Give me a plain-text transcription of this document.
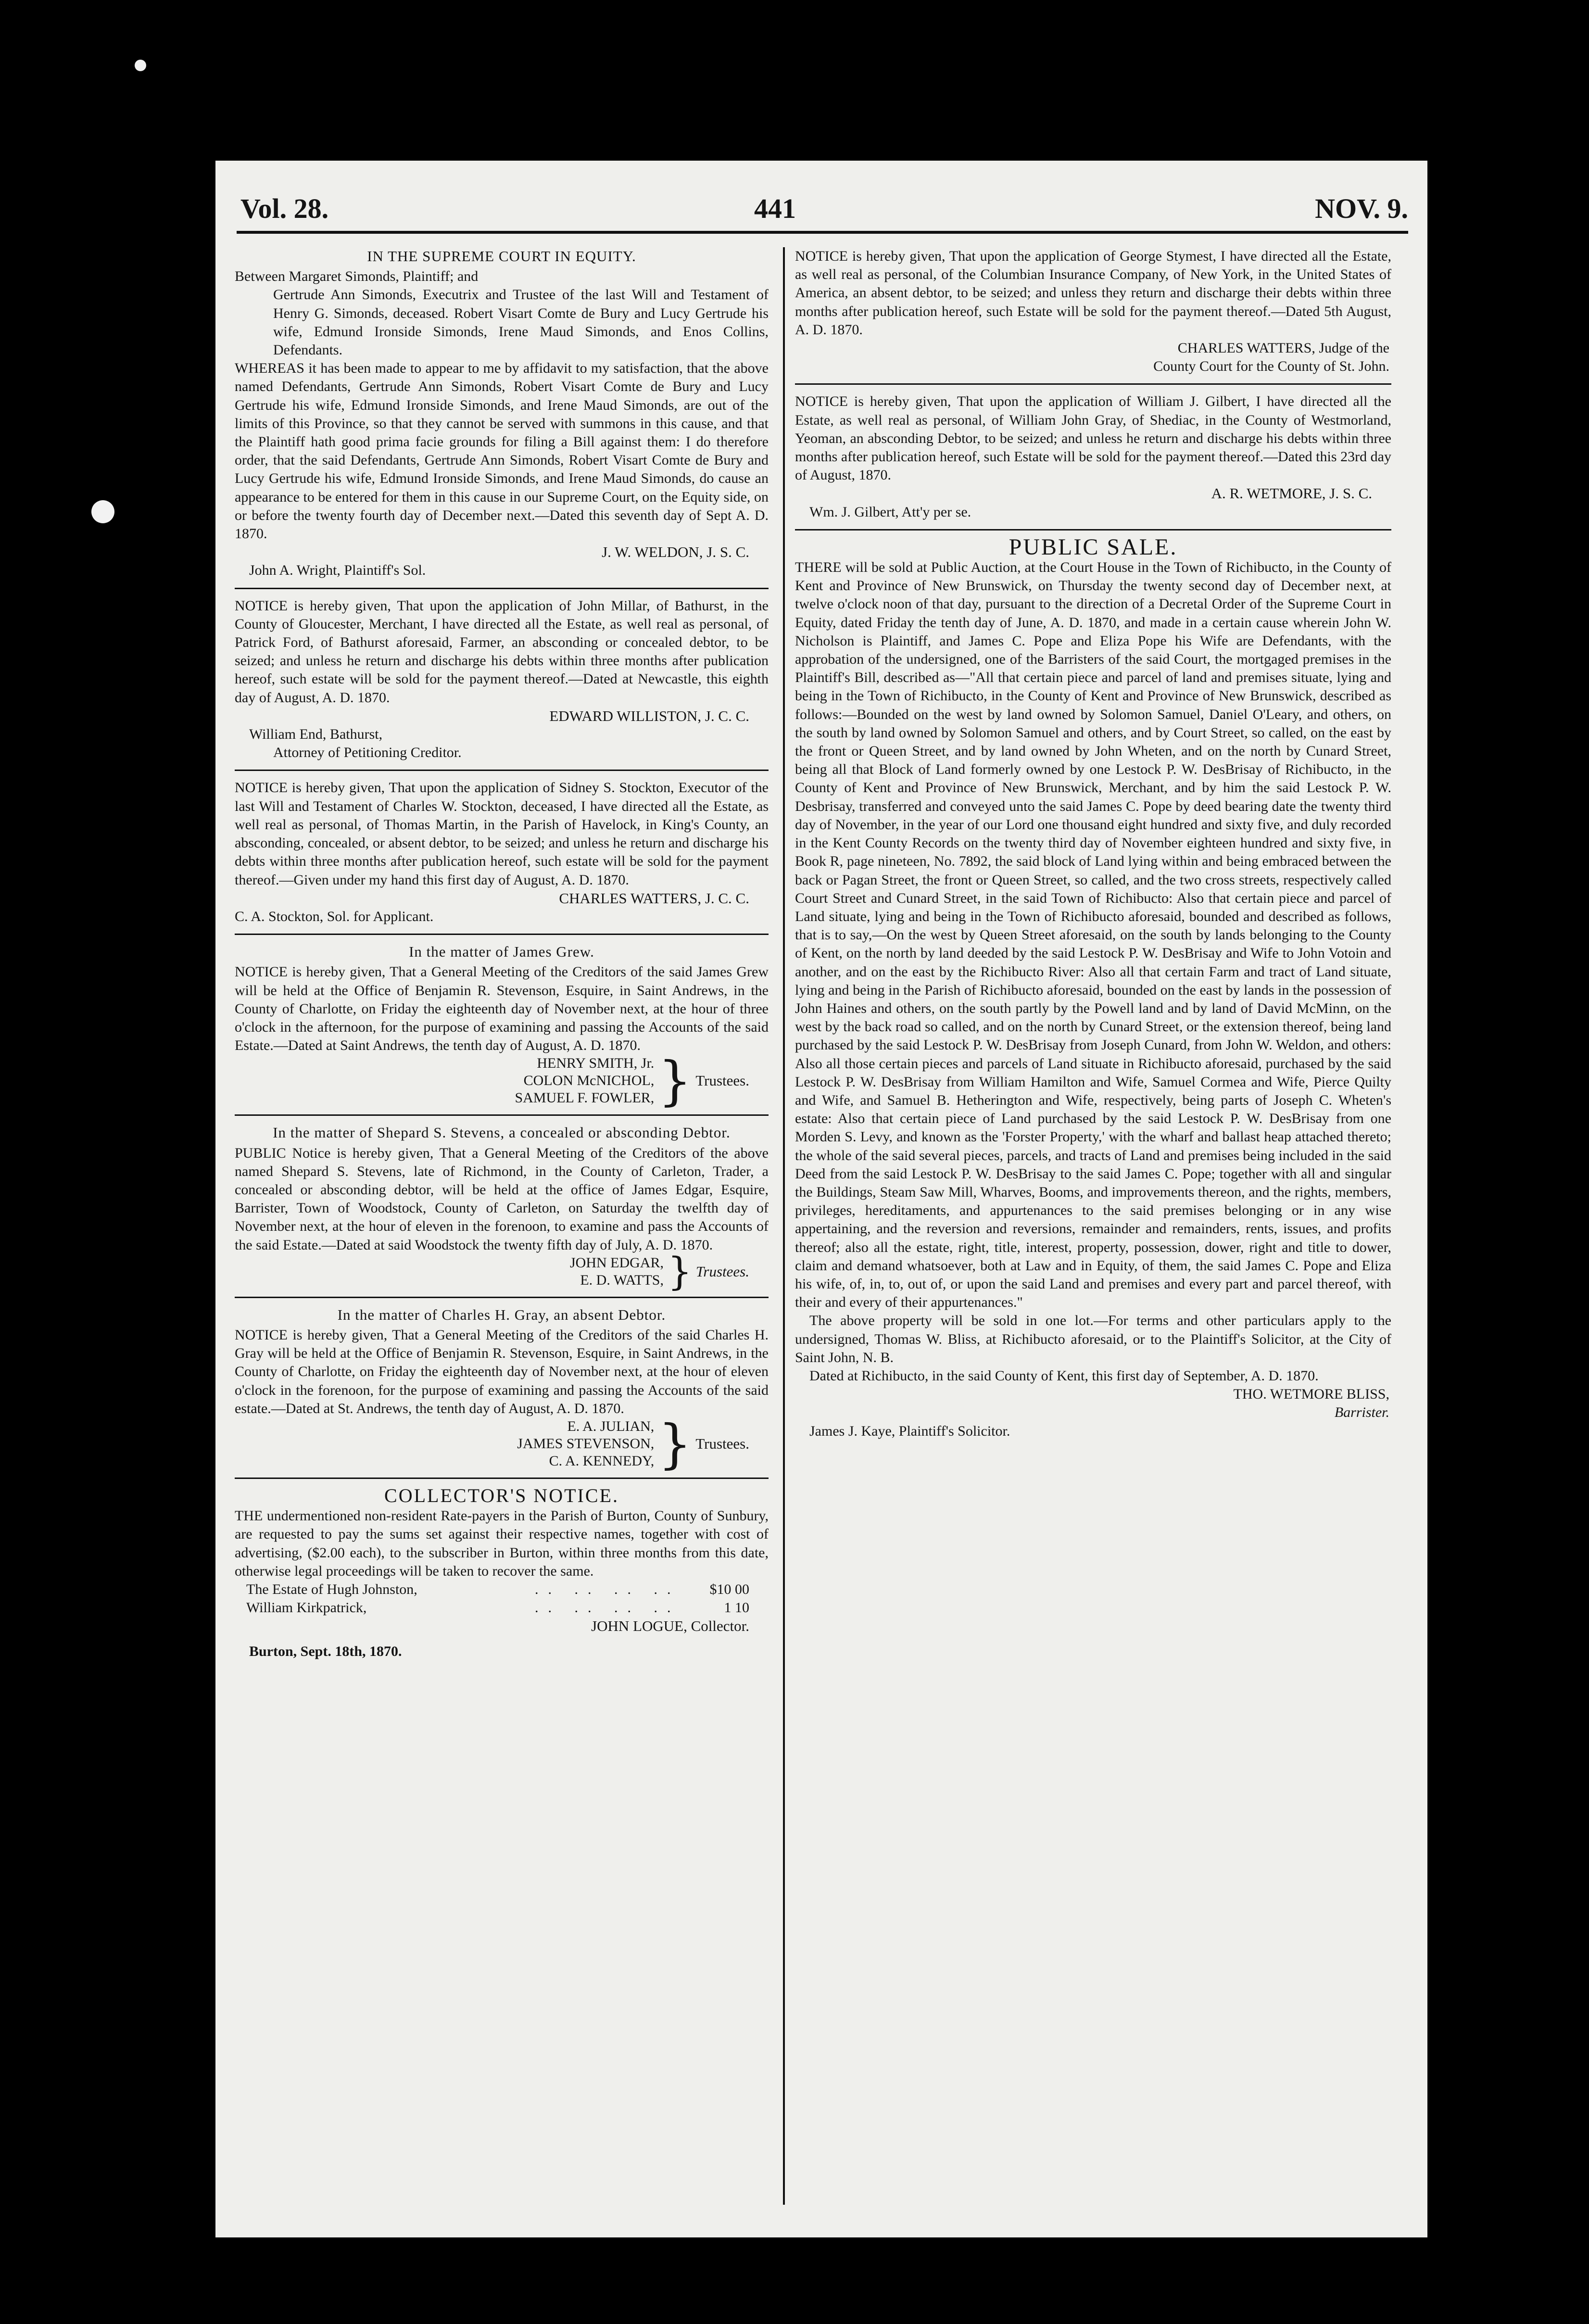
Vol. 28.	441	NOV. 9.
IN THE SUPREME COURT IN EQUITY.

Between Margaret Simonds, Plaintiff; and

Gertrude Ann Simonds, Executrix and Trustee of the last Will and Testament of Henry G. Simonds, deceased. Robert Visart Comte de Bury and Lucy Gertrude his wife, Edmund Ironside Simonds, Irene Maud Simonds, and Enos Collins, Defendants.

WHEREAS it has been made to appear to me by affidavit to my satisfaction, that the above named Defendants, Gertrude Ann Simonds, Robert Visart Comte de Bury and Lucy Gertrude his wife, Edmund Ironside Simonds, and Irene Maud Simonds, are out of the limits of this Province, so that they cannot be served with summons in this cause, and that the Plaintiff hath good prima facie grounds for filing a Bill against them: I do therefore order, that the said Defendants, Gertrude Ann Simonds, Robert Visart Comte de Bury and Lucy Gertrude his wife, Edmund Ironside Simonds, and Irene Maud Simonds, do cause an appearance to be entered for them in this cause in our Supreme Court, on the Equity side, on or before the twenty fourth day of December next.—Dated this seventh day of Sept A. D. 1870.

J. W. WELDON, J. S. C.

John A. Wright, Plaintiff's Sol.

NOTICE is hereby given, That upon the application of John Millar, of Bathurst, in the County of Gloucester, Merchant, I have directed all the Estate, as well real as personal, of Patrick Ford, of Bathurst aforesaid, Farmer, an absconding or concealed debtor, to be seized; and unless he return and discharge his debts within three months after publication hereof, such estate will be sold for the payment thereof.—Dated at Newcastle, this eighth day of August, A. D. 1870.

EDWARD WILLISTON, J. C. C.

William End, Bathurst,

Attorney of Petitioning Creditor.

NOTICE is hereby given, That upon the application of Sidney S. Stockton, Executor of the last Will and Testament of Charles W. Stockton, deceased, I have directed all the Estate, as well real as personal, of Thomas Martin, in the Parish of Havelock, in King's County, an absconding, concealed, or absent debtor, to be seized; and unless he return and discharge his debts within three months after publication hereof, such estate will be sold for the payment thereof.—Given under my hand this first day of August, A. D. 1870.

CHARLES WATTERS, J. C. C.

C. A. Stockton, Sol. for Applicant.

In the matter of James Grew.

NOTICE is hereby given, That a General Meeting of the Creditors of the said James Grew will be held at the Office of Benjamin R. Stevenson, Esquire, in Saint Andrews, in the County of Charlotte, on Friday the eighteenth day of November next, at the hour of three o'clock in the afternoon, for the purpose of examining and passing the Accounts of the said Estate.—Dated at Saint Andrews, the tenth day of August, A. D. 1870.

HENRY SMITH, Jr.
COLON McNICHOL,
SAMUEL F. FOWLER, } Trustees.
In the matter of Shepard S. Stevens, a concealed or absconding Debtor.

PUBLIC Notice is hereby given, That a General Meeting of the Creditors of the above named Shepard S. Stevens, late of Richmond, in the County of Carleton, Trader, a concealed or absconding debtor, will be held at the office of James Edgar, Esquire, Barrister, Town of Woodstock, County of Carleton, on Saturday the twelfth day of November next, at the hour of eleven in the forenoon, to examine and pass the Accounts of the said Estate.—Dated at said Woodstock the twenty fifth day of July, A. D. 1870.

JOHN EDGAR,
E. D. WATTS, } Trustees.
In the matter of Charles H. Gray, an absent Debtor.

NOTICE is hereby given, That a General Meeting of the Creditors of the said Charles H. Gray will be held at the Office of Benjamin R. Stevenson, Esquire, in Saint Andrews, in the County of Charlotte, on Friday the eighteenth day of November next, at the hour of eleven o'clock in the forenoon, for the purpose of examining and passing the Accounts of the said estate.—Dated at St. Andrews, the tenth day of August, A. D. 1870.

E. A. JULIAN,
JAMES STEVENSON,
C. A. KENNEDY, } Trustees.
COLLECTOR'S NOTICE.

THE undermentioned non-resident Rate-payers in the Parish of Burton, County of Sunbury, are requested to pay the sums set against their respective names, together with cost of advertising, ($2.00 each), to the subscriber in Burton, within three months from this date, otherwise legal proceedings will be taken to recover the same.

The Estate of Hugh Johnston,	.. .. .. ..	$10 00
William Kirkpatrick,	.. .. .. ..	1 10

JOHN LOGUE, Collector.

Burton, Sept. 18th, 1870.

NOTICE is hereby given, That upon the application of George Stymest, I have directed all the Estate, as well real as personal, of the Columbian Insurance Company, of New York, in the United States of America, an absent debtor, to be seized; and unless they return and discharge their debts within three months after publication hereof, such Estate will be sold for the payment thereof.—Dated 5th August, A. D. 1870.

CHARLES WATTERS, Judge of the

County Court for the County of St. John.

NOTICE is hereby given, That upon the application of William J. Gilbert, I have directed all the Estate, as well real as personal, of William John Gray, of Shediac, in the County of Westmorland, Yeoman, an absconding Debtor, to be seized; and unless he return and discharge his debts within three months after publication hereof, such Estate will be sold for the payment thereof.—Dated this 23rd day of August, 1870.

A. R. WETMORE, J. S. C.

Wm. J. Gilbert, Att'y per se.

PUBLIC SALE.

THERE will be sold at Public Auction, at the Court House in the Town of Richibucto, in the County of Kent and Province of New Brunswick, on Thursday the twenty second day of December next, at twelve o'clock noon of that day, pursuant to the direction of a Decretal Order of the Supreme Court in Equity, dated Friday the tenth day of June, A. D. 1870, and made in a certain cause wherein John W. Nicholson is Plaintiff, and James C. Pope and Eliza Pope his Wife are Defendants, with the approbation of the undersigned, one of the Barristers of the said Court, the mortgaged premises in the Plaintiff's Bill, described as—"All that certain piece and parcel of land and premises situate, lying and being in the Town of Richibucto, in the County of Kent and Province of New Brunswick, described as follows:—Bounded on the west by land owned by Solomon Samuel, Daniel O'Leary, and others, on the south by land owned by Solomon Samuel and others, and by Court Street, so called, on the east by the front or Queen Street, and by land owned by John Wheten, and on the north by Cunard Street, being all that Block of Land formerly owned by one Lestock P. W. DesBrisay of Richibucto, in the County of Kent and Province of New Brunswick, Merchant, and by him the said Lestock P. W. Desbrisay, transferred and conveyed unto the said James C. Pope by deed bearing date the twenty third day of November, in the year of our Lord one thousand eight hundred and sixty five, and duly recorded in the Kent County Records on the twenty third day of November eighteen hundred and sixty five, in Book R, page nineteen, No. 7892, the said block of Land lying within and being embraced between the back or Pagan Street, the front or Queen Street, so called, and the two cross streets, respectively called Court Street and Cunard Street, in the said Town of Richibucto: Also that certain piece and parcel of Land situate, lying and being in the Town of Richibucto aforesaid, bounded and described as follows, that is to say,—On the west by Queen Street aforesaid, on the south by lands belonging to the County of Kent, on the north by land deeded by the said Lestock P. W. DesBrisay and Wife to John Votoin and another, and on the east by the Richibucto River: Also all that certain Farm and tract of Land situate, lying and being in the Parish of Richibucto aforesaid, bounded on the east by lands in the possession of John Haines and others, on the south partly by the Powell land and by land of David McMinn, on the west by the back road so called, and on the north by Cunard Street, or the extension thereof, being land purchased by the said Lestock P. W. DesBrisay from Joseph Cunard, from John W. Weldon, and others: Also all those certain pieces and parcels of Land situate in Richibucto aforesaid, purchased by the said Lestock P. W. DesBrisay from William Hamilton and Wife, Samuel Cormea and Wife, Pierce Quilty and Wife, and Samuel B. Hetherington and Wife, respectively, being parts of Joseph C. Wheten's estate: Also that certain piece of Land purchased by the said Lestock P. W. DesBrisay from one Morden S. Levy, and known as the 'Forster Property,' with the wharf and ballast heap attached thereto; the whole of the said several pieces, parcels, and tracts of Land and premises being included in the said Deed from the said Lestock P. W. DesBrisay to the said James C. Pope; together with all and singular the Buildings, Steam Saw Mill, Wharves, Booms, and improvements thereon, and the rights, members, privileges, hereditaments, and appurtenances to the said premises belonging or in any wise appertaining, and the reversion and reversions, remainder and remainders, rents, issues, and profits thereof; also all the estate, right, title, interest, property, possession, dower, right and title to dower, claim and demand whatsoever, both at Law and in Equity, of them, the said James C. Pope and Eliza his wife, of, in, to, out of, or upon the said Land and premises and every part and parcel thereof, with their and every of their appurtenances."

The above property will be sold in one lot.—For terms and other particulars apply to the undersigned, Thomas W. Bliss, at Richibucto aforesaid, or to the Plaintiff's Solicitor, at the City of Saint John, N. B.

Dated at Richibucto, in the said County of Kent, this first day of September, A. D. 1870.

THO. WETMORE BLISS,

Barrister.

James J. Kaye, Plaintiff's Solicitor.
